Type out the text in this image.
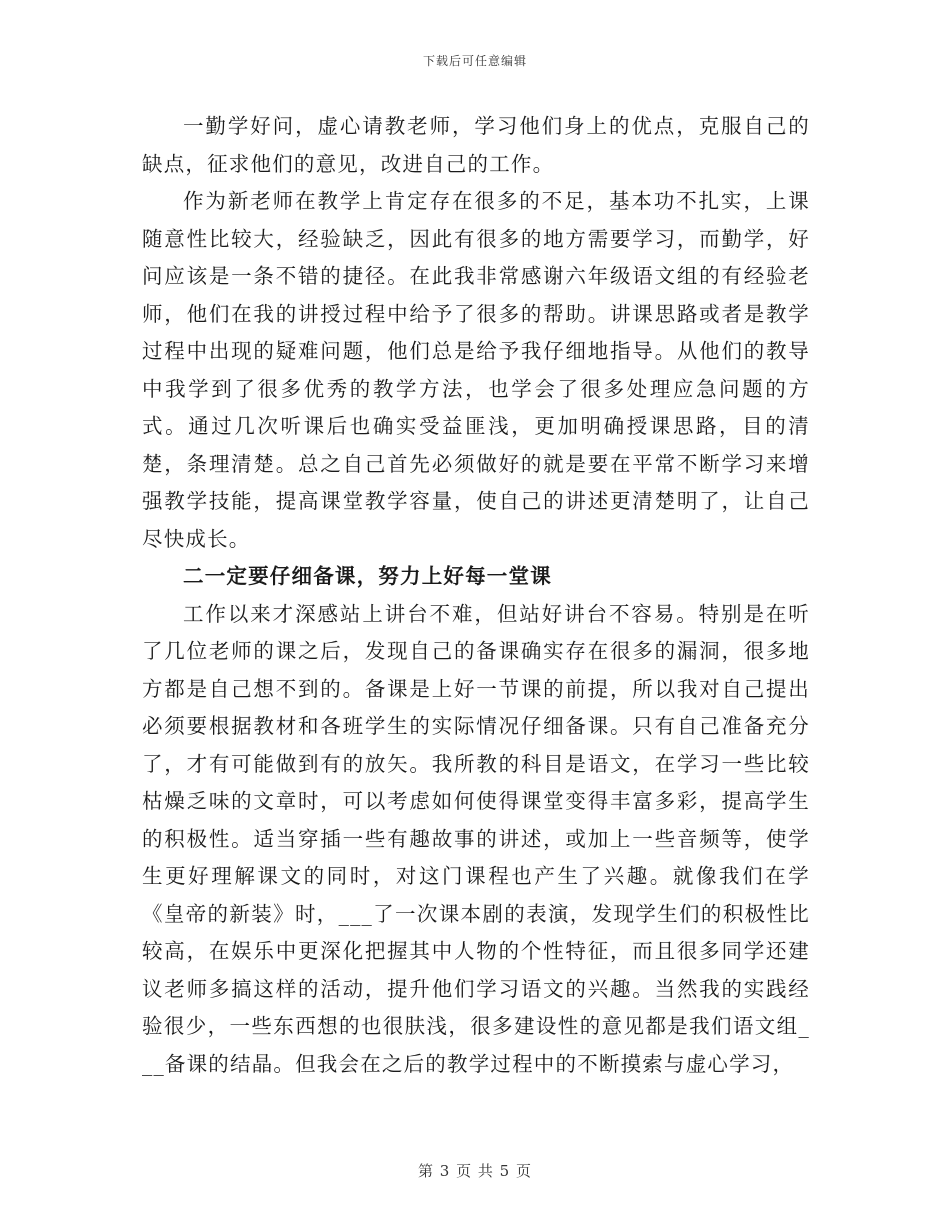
下载后可任意编辑

一勤学好问，虚心请教老师，学习他们身上的优点，克服自己的缺点，征求他们的意见，改进自己的工作。

作为新老师在教学上肯定存在很多的不足，基本功不扎实，上课随意性比较大，经验缺乏，因此有很多的地方需要学习，而勤学，好问应该是一条不错的捷径。在此我非常感谢六年级语文组的有经验老师，他们在我的讲授过程中给予了很多的帮助。讲课思路或者是教学过程中出现的疑难问题，他们总是给予我仔细地指导。从他们的教导中我学到了很多优秀的教学方法，也学会了很多处理应急问题的方式。通过几次听课后也确实受益匪浅，更加明确授课思路，目的清楚，条理清楚。总之自己首先必须做好的就是要在平常不断学习来增强教学技能，提高课堂教学容量，使自己的讲述更清楚明了，让自己尽快成长。

二一定要仔细备课，努力上好每一堂课

工作以来才深感站上讲台不难，但站好讲台不容易。特别是在听了几位老师的课之后，发现自己的备课确实存在很多的漏洞，很多地方都是自己想不到的。备课是上好一节课的前提，所以我对自己提出必须要根据教材和各班学生的实际情况仔细备课。只有自己准备充分了，才有可能做到有的放矢。我所教的科目是语文，在学习一些比较枯燥乏味的文章时，可以考虑如何使得课堂变得丰富多彩，提高学生的积极性。适当穿插一些有趣故事的讲述，或加上一些音频等，使学生更好理解课文的同时，对这门课程也产生了兴趣。就像我们在学《皇帝的新装》时，___了一次课本剧的表演，发现学生们的积极性比较高，在娱乐中更深化把握其中人物的个性特征，而且很多同学还建议老师多搞这样的活动，提升他们学习语文的兴趣。当然我的实践经验很少，一些东西想的也很肤浅，很多建设性的意见都是我们语文组___备课的结晶。但我会在之后的教学过程中的不断摸索与虚心学习，

第 3 页 共 5 页
